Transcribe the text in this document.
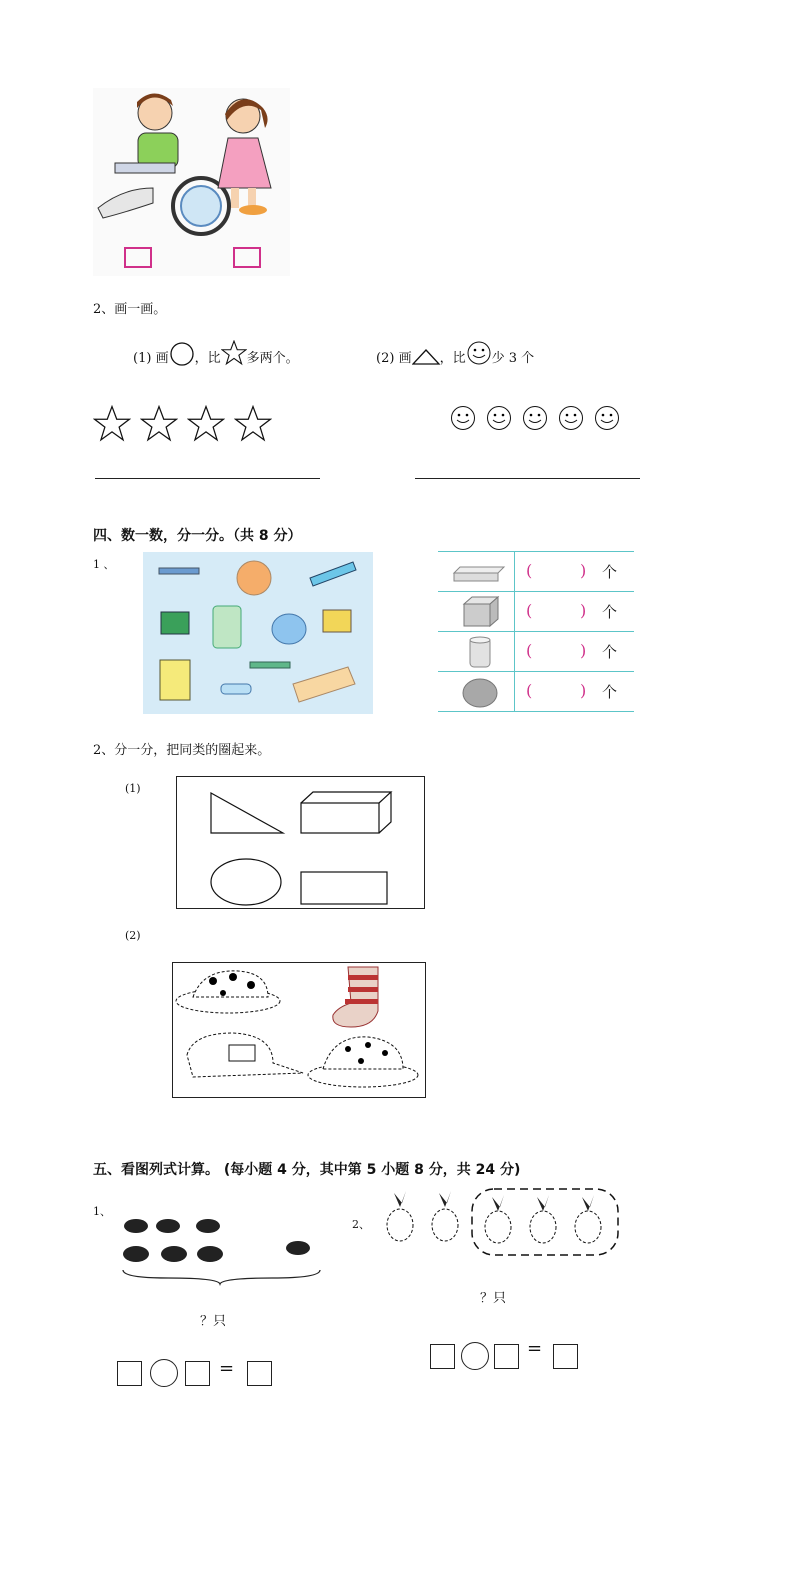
2、画一画。
(1)
画 ，比 多两个。	(2)
画 ，比 少 3 个
四、数一数，分一分。（共 8 分）
1 、	(	) 个
(	) 个
(	) 个
(	) 个
2、分一分，把同类的圈起来。
(1)
(2)
五、看图列式计算。 (每小题 4 分，其中第 5 小题 8 分，共 24 分)
1、
？只
=
2、
？只
=
